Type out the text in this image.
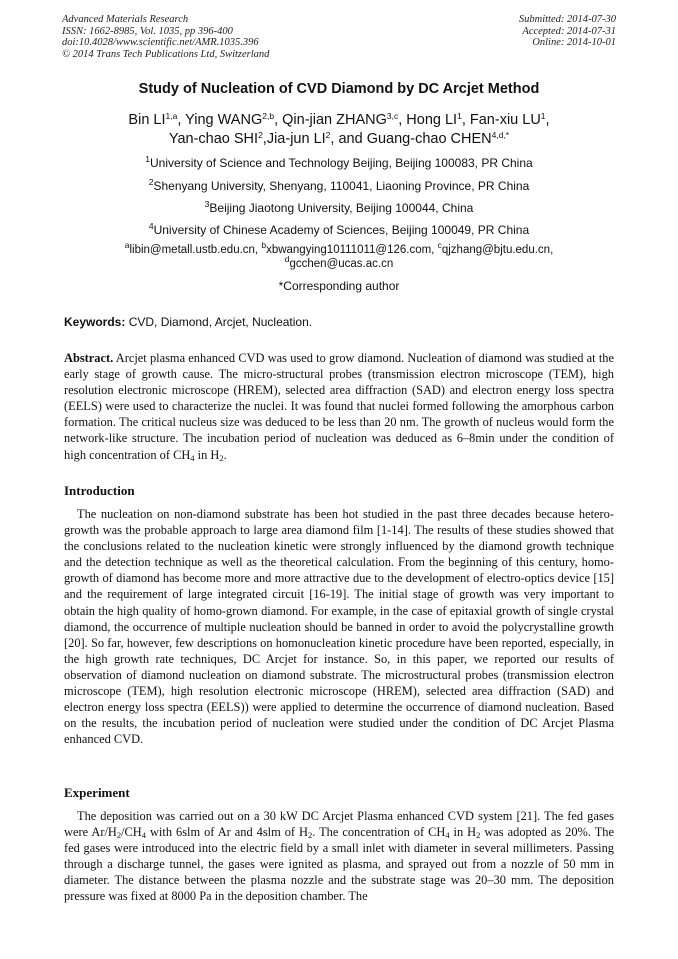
Advanced Materials Research
ISSN: 1662-8985, Vol. 1035, pp 396-400
doi:10.4028/www.scientific.net/AMR.1035.396
© 2014 Trans Tech Publications Ltd, Switzerland
Submitted: 2014-07-30
Accepted: 2014-07-31
Online: 2014-10-01
Study of Nucleation of CVD Diamond by DC Arcjet Method
Bin LI$^{1,a}$, Ying WANG$^{2,b}$, Qin-jian ZHANG$^{3,c}$, Hong $LI^1$, Fan-xiu $LU^1$,
Yan-chao SHI$^2$,Jia-jun $LI^2$, and Guang-chao $CHEN^{4,d,*}$
$^1$University of Science and Technology Beijing, Beijing 100083, PR China
$^2$Shenyang University, Shenyang, 110041, Liaoning Province, PR China
$^3$Beijing Jiaotong University, Beijing 100044, China
$^4$University of Chinese Academy of Sciences, Beijing 100049, PR China
$^a$libin@metall.ustb.edu.cn, $^b$xbwangying10111011@126.com, $^c$qjzhang@bjtu.edu.cn,
$^d$gcchen@ucas.ac.cn
*Corresponding author
Keywords: CVD, Diamond, Arcjet, Nucleation.
Abstract. Arcjet plasma enhanced CVD was used to grow diamond. Nucleation of diamond was studied at the early stage of growth cause. The micro-structural probes (transmission electron microscope (TEM), high resolution electronic microscope (HREM), selected area diffraction (SAD) and electron energy loss spectra (EELS) were used to characterize the nuclei. It was found that nuclei formed following the amorphous carbon formation. The critical nucleus size was deduced to be less than 20 nm. The growth of nucleus would form the network-like structure. The incubation period of nucleation was deduced as 6–8min under the condition of high concentration of $CH_4$ in $H_2$.
Introduction
The nucleation on non-diamond substrate has been hot studied in the past three decades because hetero-growth was the probable approach to large area diamond film [1-14]. The results of these studies showed that the conclusions related to the nucleation kinetic were strongly influenced by the diamond growth technique and the detection technique as well as the theoretical calculation. From the beginning of this century, homo-growth of diamond has become more and more attractive due to the development of electro-optics device [15] and the requirement of large integrated circuit [16-19]. The initial stage of growth was very important to obtain the high quality of homo-grown diamond. For example, in the case of epitaxial growth of single crystal diamond, the occurrence of multiple nucleation should be banned in order to avoid the polycrystalline growth [20]. So far, however, few descriptions on homonucleation kinetic procedure have been reported, especially, in the high growth rate techniques, DC Arcjet for instance. So, in this paper, we reported our results of observation of diamond nucleation on diamond substrate. The microstructural probes (transmission electron microscope (TEM), high resolution electronic microscope (HREM), selected area diffraction (SAD) and electron energy loss spectra (EELS)) were applied to determine the occurrence of diamond nucleation. Based on the results, the incubation period of nucleation were studied under the condition of DC Arcjet Plasma enhanced CVD.
Experiment
The deposition was carried out on a 30 kW DC Arcjet Plasma enhanced CVD system [21]. The fed gases were $Ar/H_2/CH_4$ with 6slm of Ar and 4slm of $H_2$. The concentration of $CH_4$ in $H_2$ was adopted as 20%. The fed gases were introduced into the electric field by a small inlet with diameter in several millimeters. Passing through a discharge tunnel, the gases were ignited as plasma, and sprayed out from a nozzle of 50 mm in diameter. The distance between the plasma nozzle and the substrate stage was 20–30 mm. The deposition pressure was fixed at 8000 Pa in the deposition chamber. The
